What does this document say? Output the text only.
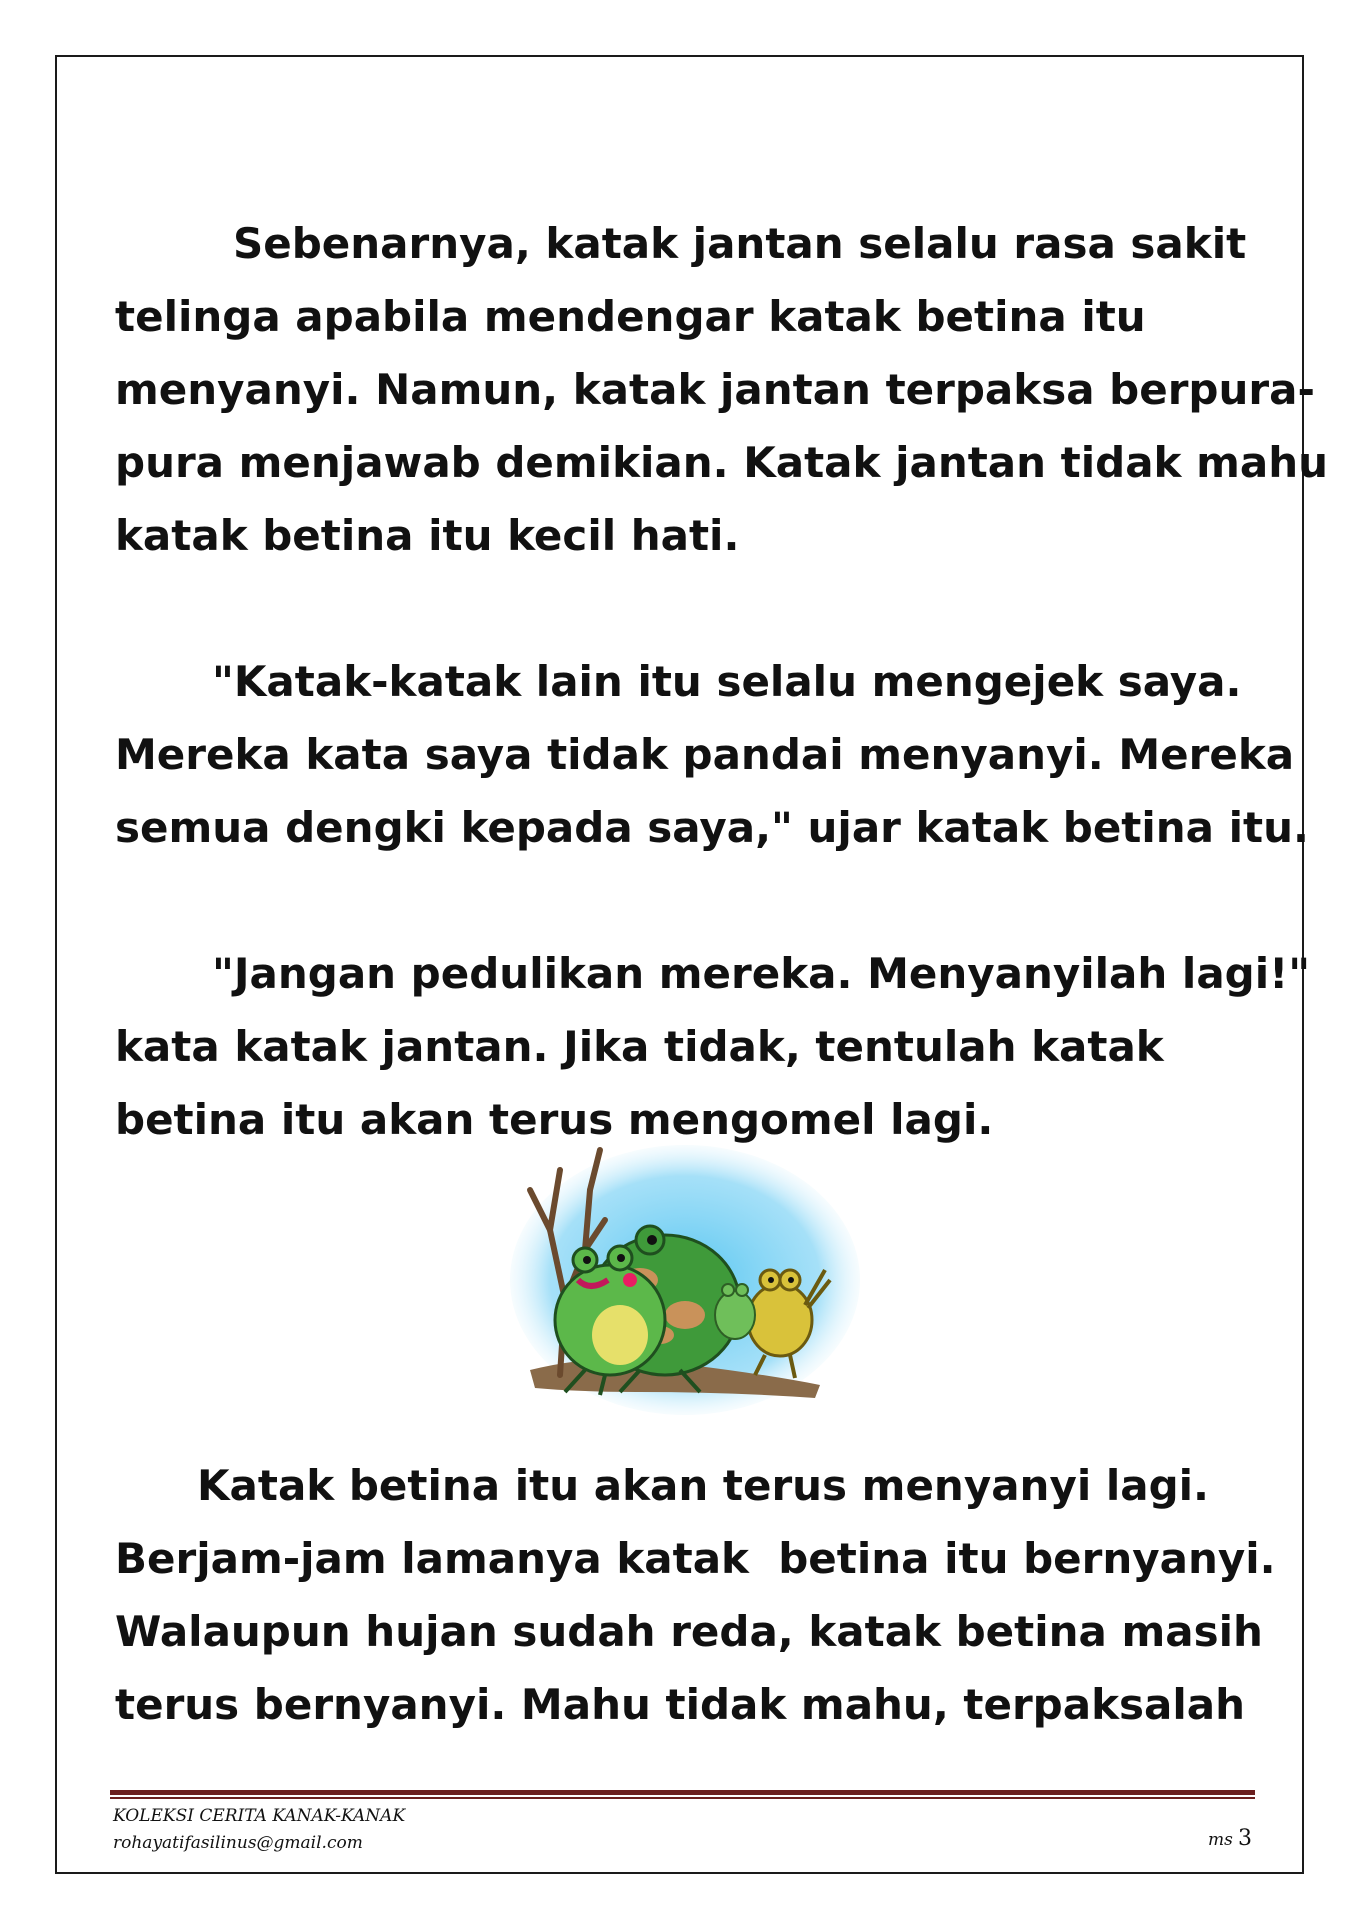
Sebenarnya, katak jantan selalu rasa sakit

telinga apabila mendengar katak betina itu

menyanyi. Namun, katak jantan terpaksa berpura-

pura menjawab demikian. Katak jantan tidak mahu

katak betina itu kecil hati.

"Katak-katak lain itu selalu mengejek saya.

Mereka kata saya tidak pandai menyanyi. Mereka

semua dengki kepada saya," ujar katak betina itu.

"Jangan pedulikan mereka. Menyanyilah lagi!"

kata katak jantan. Jika tidak, tentulah katak

betina itu akan terus mengomel lagi.

Katak betina itu akan terus menyanyi lagi.

Berjam-jam lamanya katak  betina itu bernyanyi.

Walaupun hujan sudah reda, katak betina masih

terus bernyanyi. Mahu tidak mahu, terpaksalah

KOLEKSI CERITA KANAK-KANAK
rohayatifasilinus@gmail.com	ms 3
